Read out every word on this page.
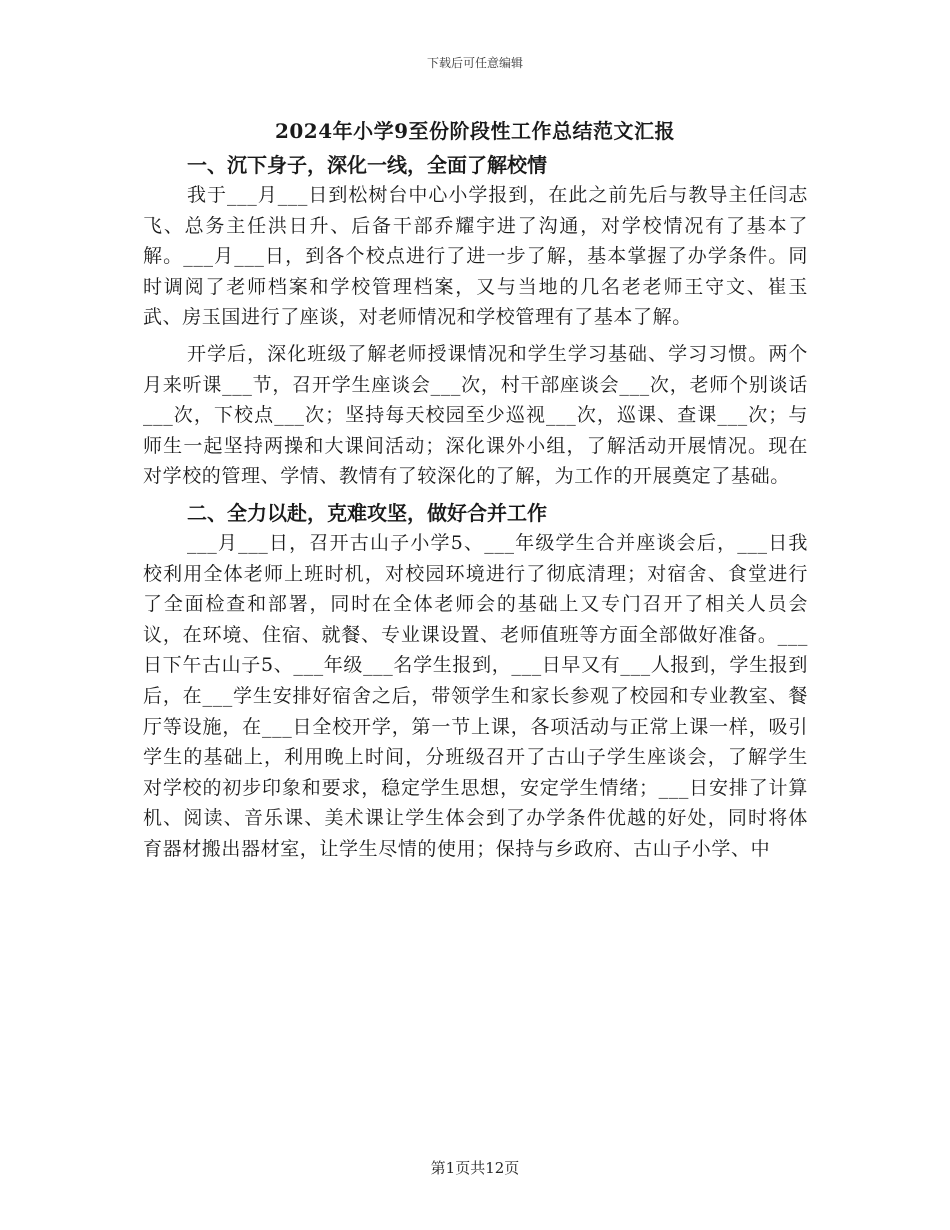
下载后可任意编辑
2024年小学9至份阶段性工作总结范文汇报
一、沉下身子，深化一线，全面了解校情

我于___月___日到松树台中心小学报到，在此之前先后与教导主任闫志飞、总务主任洪日升、后备干部乔耀宇进了沟通，对学校情况有了基本了解。___月___日，到各个校点进行了进一步了解，基本掌握了办学条件。同时调阅了老师档案和学校管理档案，又与当地的几名老老师王守文、崔玉武、房玉国进行了座谈，对老师情况和学校管理有了基本了解。

开学后，深化班级了解老师授课情况和学生学习基础、学习习惯。两个月来听课___节，召开学生座谈会___次，村干部座谈会___次，老师个别谈话___次，下校点___次；坚持每天校园至少巡视___次，巡课、查课___次；与师生一起坚持两操和大课间活动；深化课外小组，了解活动开展情况。现在对学校的管理、学情、教情有了较深化的了解，为工作的开展奠定了基础。

二、全力以赴，克难攻坚，做好合并工作

___月___日，召开古山子小学5、___年级学生合并座谈会后，___日我校利用全体老师上班时机，对校园环境进行了彻底清理；对宿舍、食堂进行了全面检查和部署，同时在全体老师会的基础上又专门召开了相关人员会议，在环境、住宿、就餐、专业课设置、老师值班等方面全部做好准备。___日下午古山子5、___年级___名学生报到，___日早又有___人报到，学生报到后，在___学生安排好宿舍之后，带领学生和家长参观了校园和专业教室、餐厅等设施，在___日全校开学，第一节上课，各项活动与正常上课一样，吸引学生的基础上，利用晚上时间，分班级召开了古山子学生座谈会，了解学生对学校的初步印象和要求，稳定学生思想，安定学生情绪；___日安排了计算机、阅读、音乐课、美术课让学生体会到了办学条件优越的好处，同时将体育器材搬出器材室，让学生尽情的使用；保持与乡政府、古山子小学、中

第1页共12页
